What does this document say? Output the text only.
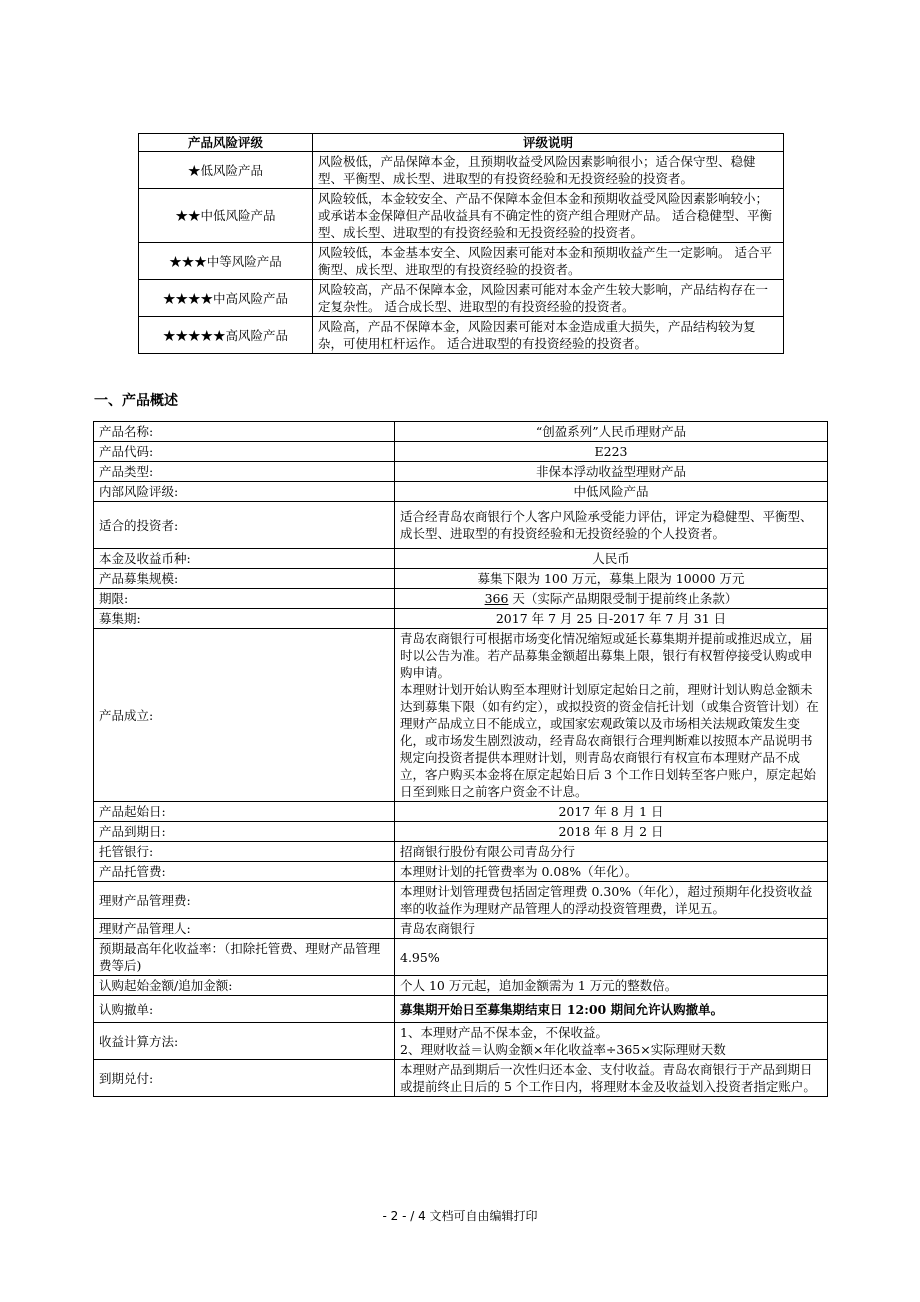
产品风险评级	评级说明
★低风险产品	风险极低，产品保障本金，且预期收益受风险因素影响很小；适合保守型、稳健型、平衡型、成长型、进取型的有投资经验和无投资经验的投资者。
★★中低风险产品	风险较低，本金较安全、产品不保障本金但本金和预期收益受风险因素影响较小；或承诺本金保障但产品收益具有不确定性的资产组合理财产品。 适合稳健型、平衡型、成长型、进取型的有投资经验和无投资经验的投资者。
★★★中等风险产品	风险较低，本金基本安全、风险因素可能对本金和预期收益产生一定影响。 适合平衡型、成长型、进取型的有投资经验的投资者。
★★★★中高风险产品	风险较高，产品不保障本金，风险因素可能对本金产生较大影响，产品结构存在一定复杂性。 适合成长型、进取型的有投资经验的投资者。
★★★★★高风险产品	风险高，产品不保障本金，风险因素可能对本金造成重大损失，产品结构较为复杂，可使用杠杆运作。 适合进取型的有投资经验的投资者。
一、产品概述
产品名称:	“创盈系列”人民币理财产品
产品代码:	E223
产品类型:	非保本浮动收益型理财产品
内部风险评级:	中低风险产品
适合的投资者:	适合经青岛农商银行个人客户风险承受能力评估，评定为稳健型、平衡型、成长型、进取型的有投资经验和无投资经验的个人投资者。
本金及收益币种:	人民币
产品募集规模:	募集下限为 100 万元，募集上限为 10000 万元
期限:	366 天（实际产品期限受制于提前终止条款）
募集期:	2017 年 7 月 25 日-2017 年 7 月 31 日
产品成立:	青岛农商银行可根据市场变化情况缩短或延长募集期并提前或推迟成立，届时以公告为准。若产品募集金额超出募集上限，银行有权暂停接受认购或申购申请。
本理财计划开始认购至本理财计划原定起始日之前，理财计划认购总金额未达到募集下限（如有约定），或拟投资的资金信托计划（或集合资管计划）在理财产品成立日不能成立，或国家宏观政策以及市场相关法规政策发生变化，或市场发生剧烈波动，经青岛农商银行合理判断难以按照本产品说明书规定向投资者提供本理财计划，则青岛农商银行有权宣布本理财产品不成立，客户购买本金将在原定起始日后 3 个工作日划转至客户账户，原定起始日至到账日之前客户资金不计息。

产品起始日:	2017 年 8 月 1 日
产品到期日:	2018 年 8 月 2 日
托管银行:	招商银行股份有限公司青岛分行
产品托管费:	本理财计划的托管费率为 0.08%（年化）。
理财产品管理费:	本理财计划管理费包括固定管理费 0.30%（年化），超过预期年化投资收益率的收益作为理财产品管理人的浮动投资管理费，详见五。
理财产品管理人:	青岛农商银行
预期最高年化收益率：（扣除托管费、理财产品管理费等后)	4.95%
认购起始金额/追加金额:	个人 10 万元起，追加金额需为 1 万元的整数倍。
认购撤单:	募集期开始日至募集期结束日 12:00 期间允许认购撤单。
收益计算方法:	1、本理财产品不保本金，不保收益。
2、理财收益＝认购金额×年化收益率÷365×实际理财天数

到期兑付:	本理财产品到期后一次性归还本金、支付收益。青岛农商银行于产品到期日或提前终止日后的 5 个工作日内，将理财本金及收益划入投资者指定账户。
- 2 - / 4 文档可自由编辑打印
